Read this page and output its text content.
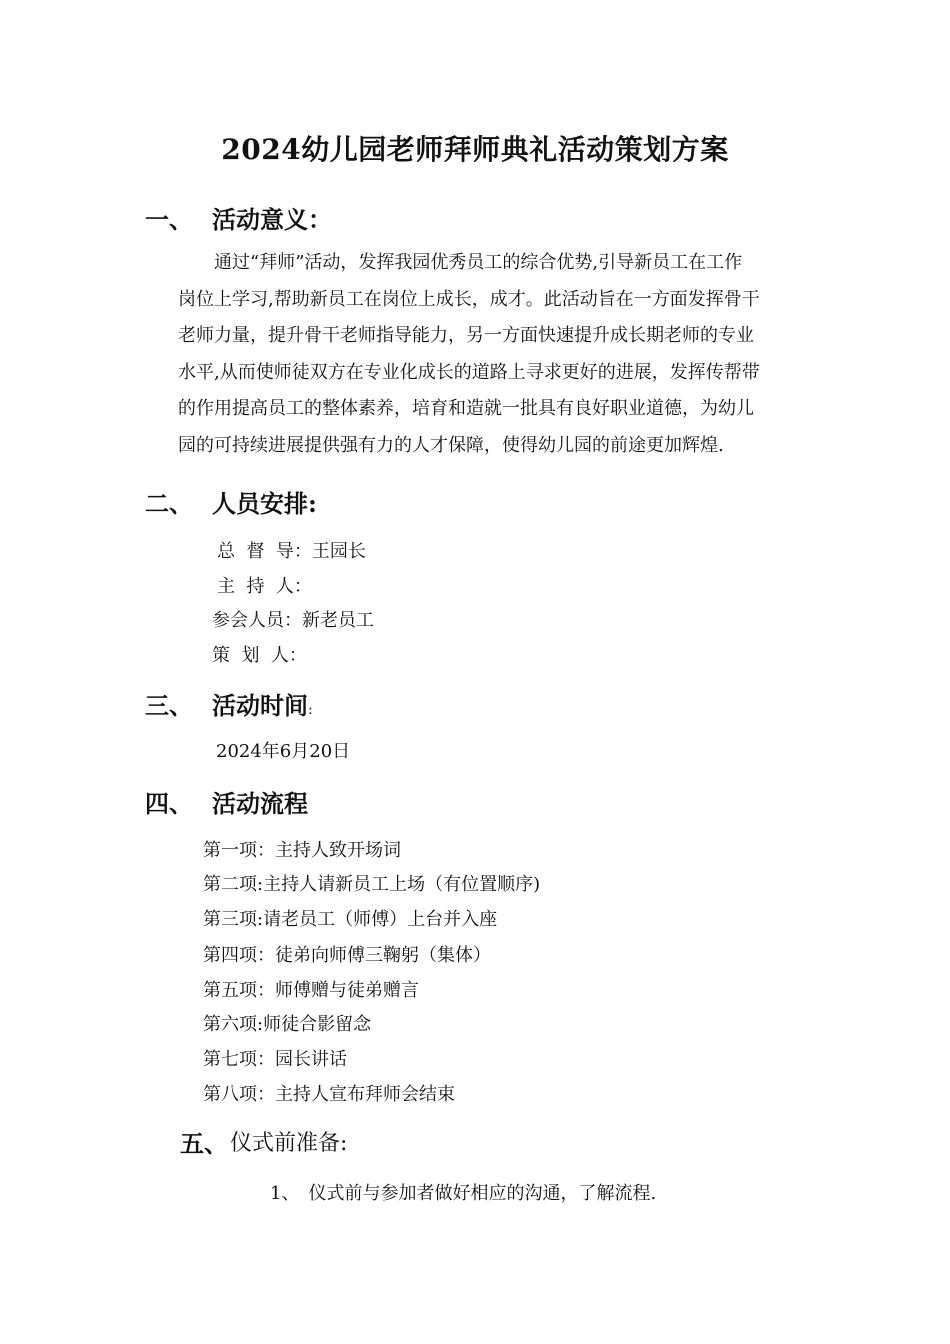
2024幼儿园老师拜师典礼活动策划方案
一、 活动意义：
　　通过“拜师”活动，发挥我园优秀员工的综合优势,引导新员工在工作
岗位上学习,帮助新员工在岗位上成长，成才。此活动旨在一方面发挥骨干
老师力量，提升骨干老师指导能力，另一方面快速提升成长期老师的专业
水平,从而使师徒双方在专业化成长的道路上寻求更好的进展，发挥传帮带
的作用提高员工的整体素养，培育和造就一批具有良好职业道德，为幼儿
园的可持续进展提供强有力的人才保障，使得幼儿园的前途更加辉煌.
二、 人员安排:
总  督  导：王园长
主  持  人：
参会人员：新老员工
策  划  人：
三、 活动时间:
2024年6月20日
四、 活动流程
第一项：主持人致开场词
第二项:主持人请新员工上场（有位置顺序)
第三项:请老员工（师傅）上台并入座
第四项：徒弟向师傅三鞠躬（集体）
第五项：师傅赠与徒弟赠言
第六项:师徒合影留念
第七项：园长讲话
第八项：主持人宣布拜师会结束
五、 仪式前准备:
1、　仪式前与参加者做好相应的沟通，了解流程.
